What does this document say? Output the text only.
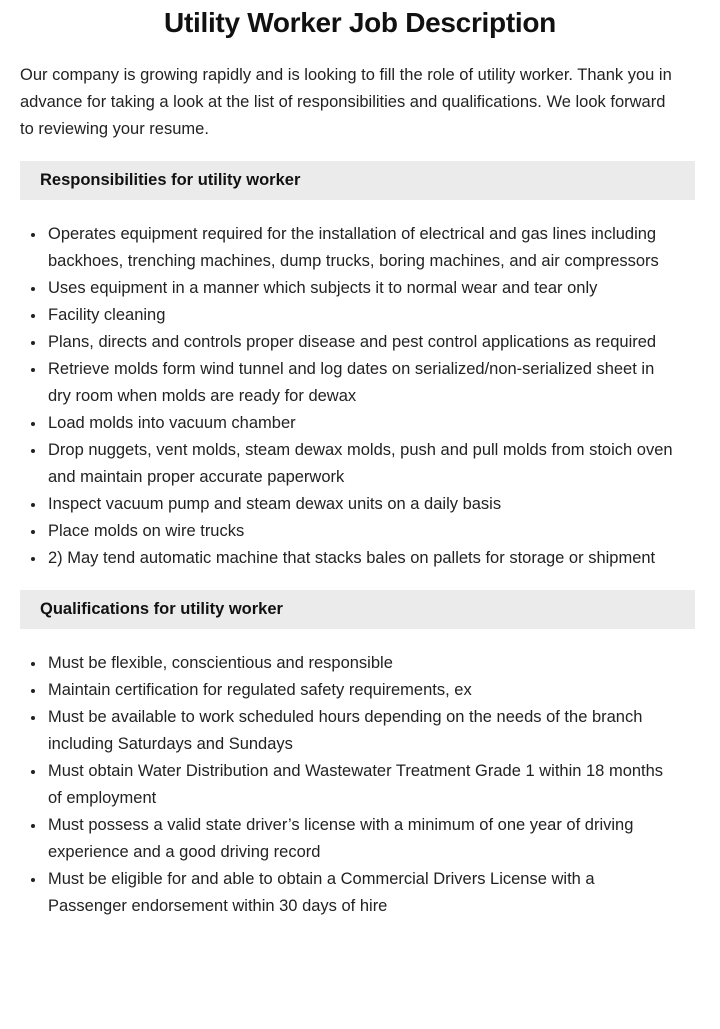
Utility Worker Job Description

Our company is growing rapidly and is looking to fill the role of utility worker. Thank you in advance for taking a look at the list of responsibilities and qualifications. We look forward to reviewing your resume.

Responsibilities for utility worker
• Operates equipment required for the installation of electrical and gas lines including backhoes, trenching machines, dump trucks, boring machines, and air compressors
• Uses equipment in a manner which subjects it to normal wear and tear only
• Facility cleaning
• Plans, directs and controls proper disease and pest control applications as required
• Retrieve molds form wind tunnel and log dates on serialized/non-serialized sheet in dry room when molds are ready for dewax
• Load molds into vacuum chamber
• Drop nuggets, vent molds, steam dewax molds, push and pull molds from stoich oven and maintain proper accurate paperwork
• Inspect vacuum pump and steam dewax units on a daily basis
• Place molds on wire trucks
• 2) May tend automatic machine that stacks bales on pallets for storage or shipment
Qualifications for utility worker
• Must be flexible, conscientious and responsible
• Maintain certification for regulated safety requirements, ex
• Must be available to work scheduled hours depending on the needs of the branch including Saturdays and Sundays
• Must obtain Water Distribution and Wastewater Treatment Grade 1 within 18 months of employment
• Must possess a valid state driver’s license with a minimum of one year of driving experience and a good driving record
• Must be eligible for and able to obtain a Commercial Drivers License with a Passenger endorsement within 30 days of hire
